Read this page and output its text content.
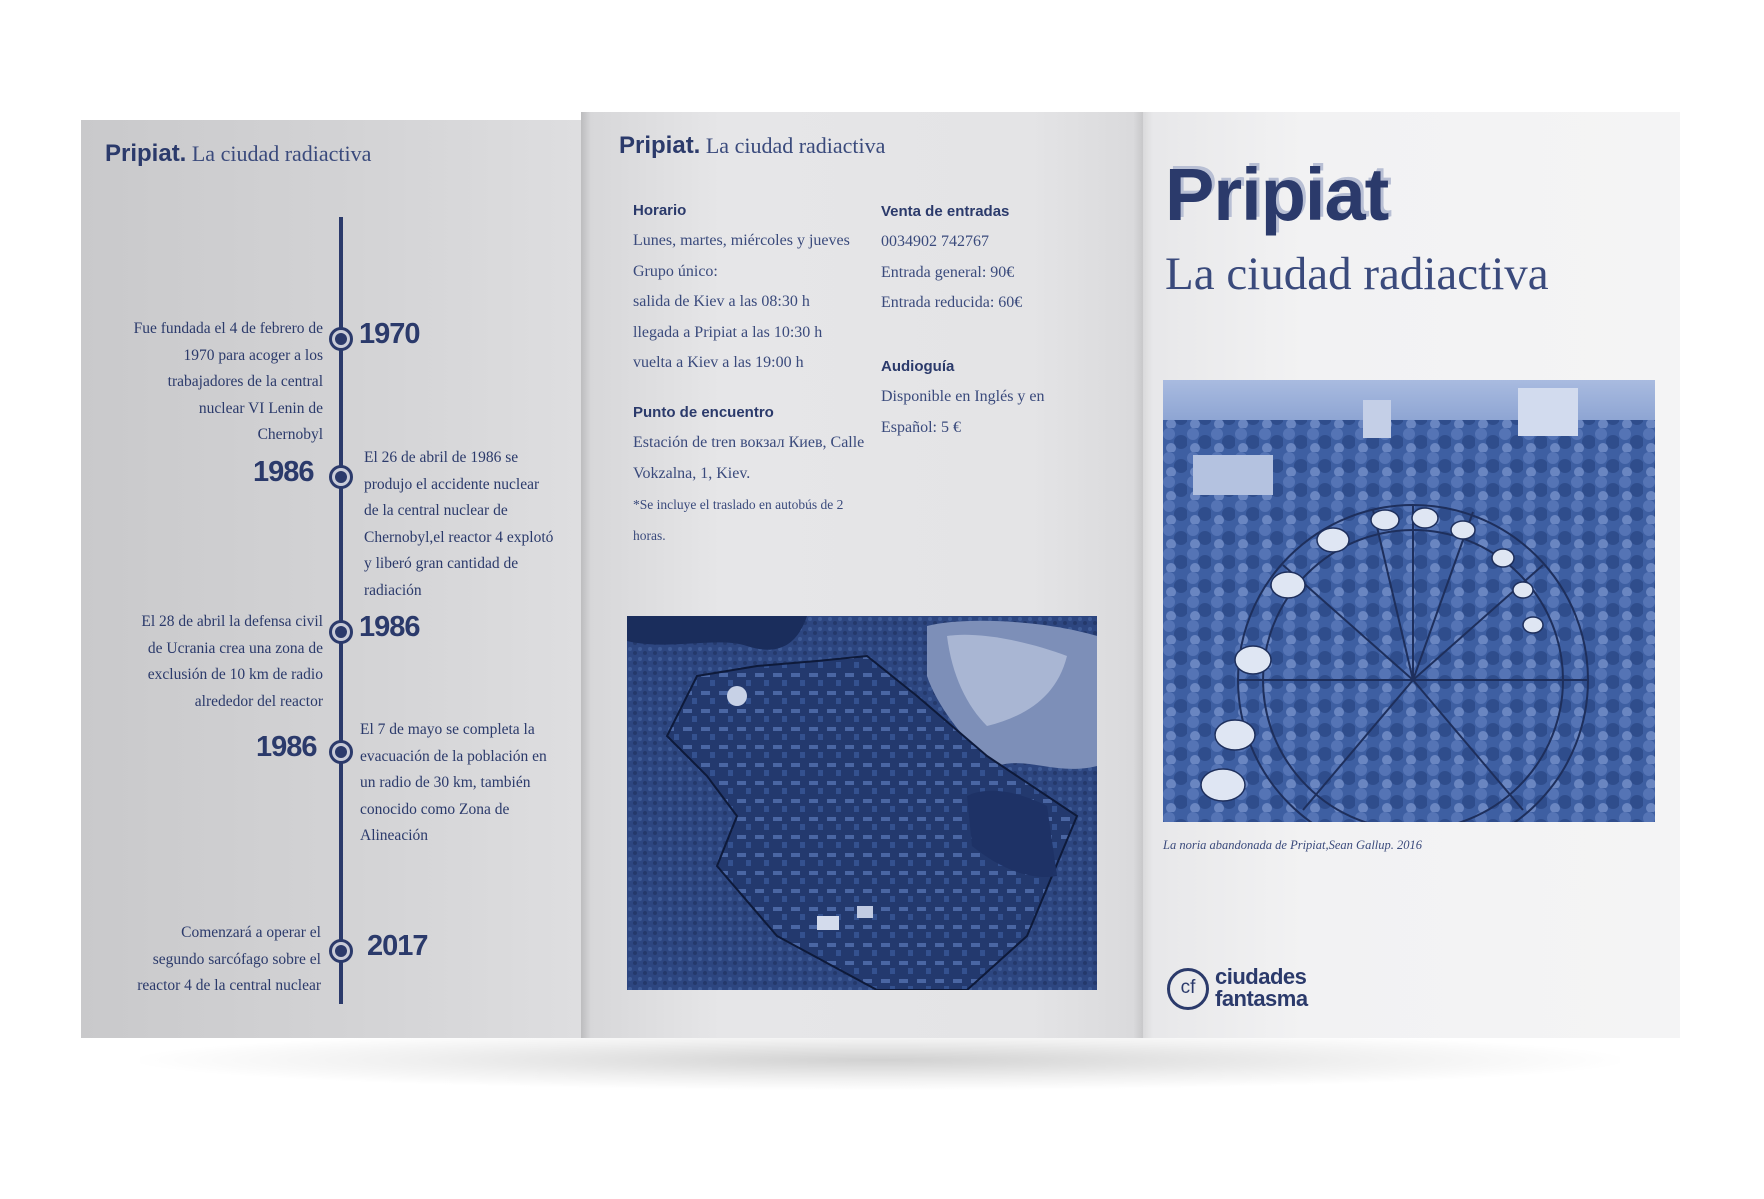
Pripiat. La ciudad radiactiva
1970
Fue fundada el 4 de febrero de
1970 para acoger a los
trabajadores de la central
nuclear VI Lenin de
Chernobyl
1986	El 26 de abril de 1986 se
produjo el accidente nuclear
de la central nuclear de
Chernobyl,el reactor 4 explotó
y liberó gran cantidad de
radiación
1986
El 28 de abril la defensa civil
de Ucrania crea una zona de
exclusión de 10 km de radio
alrededor del reactor
1986
El 7 de mayo se completa la
evacuación de la población en
un radio de 30 km, también
conocido como Zona de
Alineación
2017
Comenzará a operar el
segundo sarcófago sobre el
reactor 4 de la central nuclear
Pripiat. La ciudad radiactiva
Horario
Lunes, martes, miércoles y jueves
Grupo único:
salida de Kiev a las 08:30 h
llegada a Pripiat a las 10:30 h
vuelta a Kiev a las 19:00 h
Punto de encuentro
Estación de tren вокзал Киев, Calle
Vokzalna, 1, Kiev.
*Se incluye el traslado en autobús de 2
horas.
Venta de entradas
0034902 742767
Entrada general: 90€
Entrada reducida: 60€
Audioguía
Disponible en Inglés y en
Español: 5 €
Pripiat
La ciudad radiactiva
La noria abandonada de Pripiat,Sean Gallup. 2016
cf ciudades
fantasma
